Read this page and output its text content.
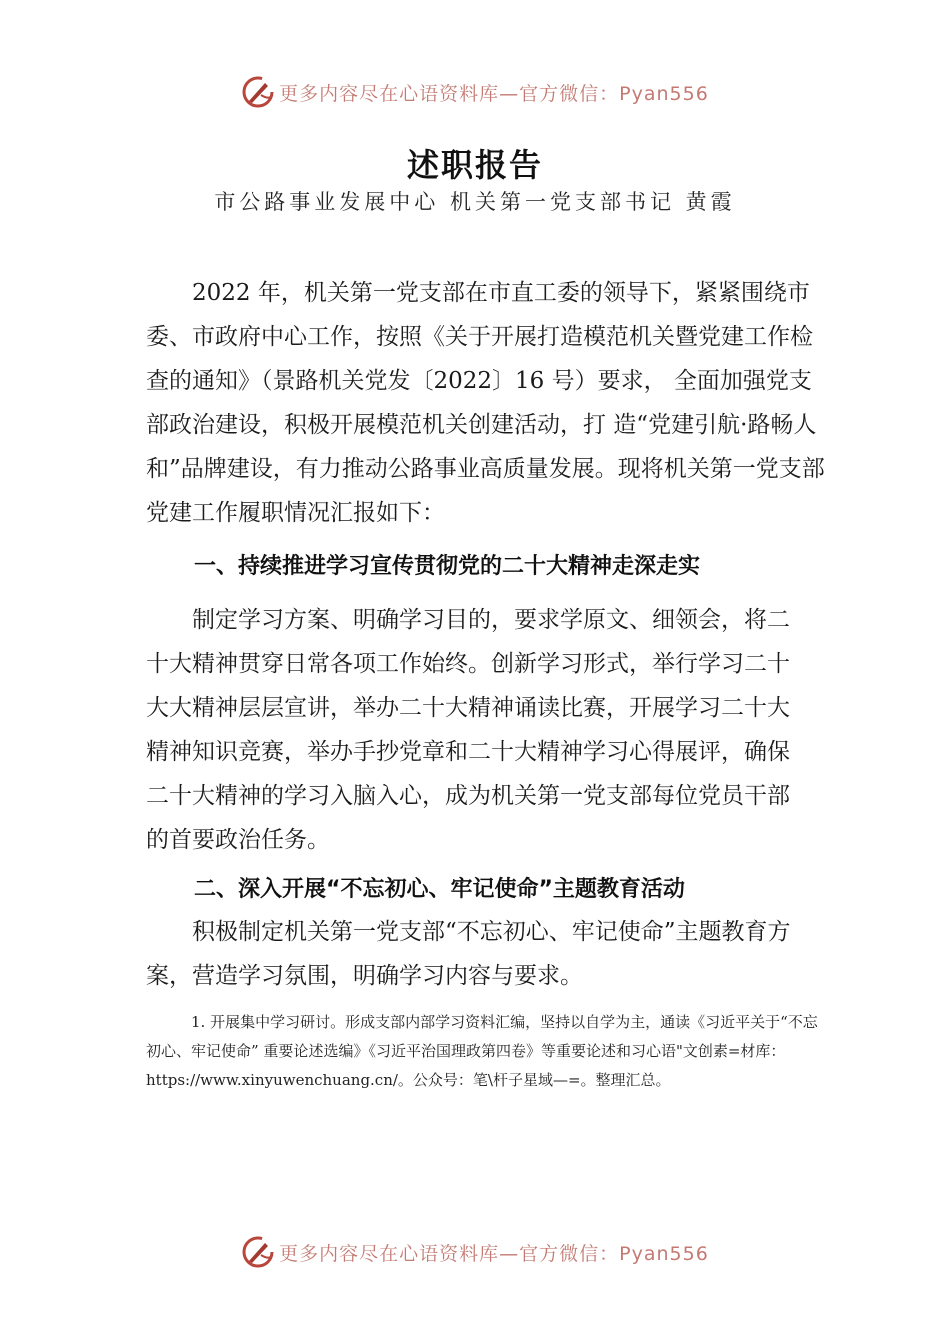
更多内容尽在心语资料库—官方微信：Pyan556
述职报告
市公路事业发展中心 机关第一党支部书记 黄霞

2022 年，机关第一党支部在市直工委的领导下，紧紧围绕市委、市政府中心工作，按照《关于开展打造模范机关暨党建工作检查的通知》（景路机关党发〔2022〕16 号）要求， 全面加强党支部政治建设，积极开展模范机关创建活动，打 造“党建引航·路畅人和”品牌建设，有力推动公路事业高质量发展。现将机关第一党支部党建工作履职情况汇报如下：

一、持续推进学习宣传贯彻党的二十大精神走深走实

制定学习方案、明确学习目的，要求学原文、细领会，将二十大精神贯穿日常各项工作始终。创新学习形式，举行学习二十大大精神层层宣讲，举办二十大精神诵读比赛，开展学习二十大精神知识竞赛，举办手抄党章和二十大精神学习心得展评，确保二十大精神的学习入脑入心，成为机关第一党支部每位党员干部的首要政治任务。

二、深入开展“不忘初心、牢记使命”主题教育活动

积极制定机关第一党支部“不忘初心、牢记使命”主题教育方案，营造学习氛围，明确学习内容与要求。

1. 开展集中学习研讨。形成支部内部学习资料汇编，坚持以自学为主，通读《习近平关于“不忘初心、牢记使命” 重要论述选编》《习近平治国理政第四卷》等重要论述和习心语"文创素=材库：https://www.xinyuwenchuang.cn/。公众号：笔\杆子星域—=。整理汇总。
更多内容尽在心语资料库—官方微信：Pyan556
